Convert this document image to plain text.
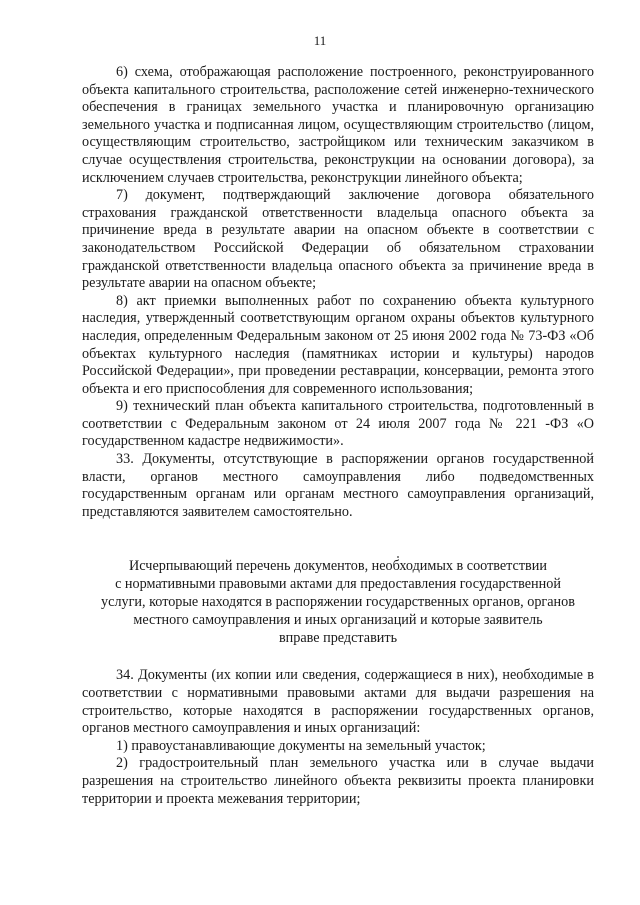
11

6) схема, отображающая расположение построенного, реконструированного объекта капитального строительства, расположение сетей инженерно-технического обеспечения в границах земельного участка и планировочную организацию земельного участка и подписанная лицом, осуществляющим строительство (лицом, осуществляющим строительство, застройщиком или техническим заказчиком в случае осуществления строительства, реконструкции на основании договора), за исключением случаев строительства, реконструкции линейного объекта;

7) документ, подтверждающий заключение договора обязательного страхования гражданской ответственности владельца опасного объекта за причинение вреда в результате аварии на опасном объекте в соответствии с законодательством Российской Федерации об обязательном страховании гражданской ответственности владельца опасного объекта за причинение вреда в результате аварии на опасном объекте;

8) акт приемки выполненных работ по сохранению объекта культурного наследия, утвержденный соответствующим органом охраны объектов культурного наследия, определенным Федеральным законом от 25 июня 2002 года № 73-ФЗ «Об объектах культурного наследия (памятниках истории и культуры) народов Российской Федерации», при проведении реставрации, консервации, ремонта этого объекта и его приспособления для современного использования;

9) технический план объекта капитального строительства, подготовленный в соответствии с Федеральным законом от 24 июля 2007 года № 221 -ФЗ «О государственном кадастре недвижимости».

33. Документы, отсутствующие в распоряжении органов государственной власти, органов местного самоуправления либо подведомственных государственным органам или органам местного самоуправления организаций, представляются заявителем самостоятельно.

Исчерпывающий перечень документов, необходимых в соответствии
с нормативными правовыми актами для предоставления государственной
услуги, которые находятся в распоряжении государственных органов, органов
местного самоуправления и иных организаций и которые заявитель
вправе представить

34. Документы (их копии или сведения, содержащиеся в них), необходимые в соответствии с нормативными правовыми актами для выдачи разрешения на строительство, которые находятся в распоряжении государственных органов, органов местного самоуправления и иных организаций:

1) правоустанавливающие документы на земельный участок;

2) градостроительный план земельного участка или в случае выдачи разрешения на строительство линейного объекта реквизиты проекта планировки территории и проекта межевания территории;
